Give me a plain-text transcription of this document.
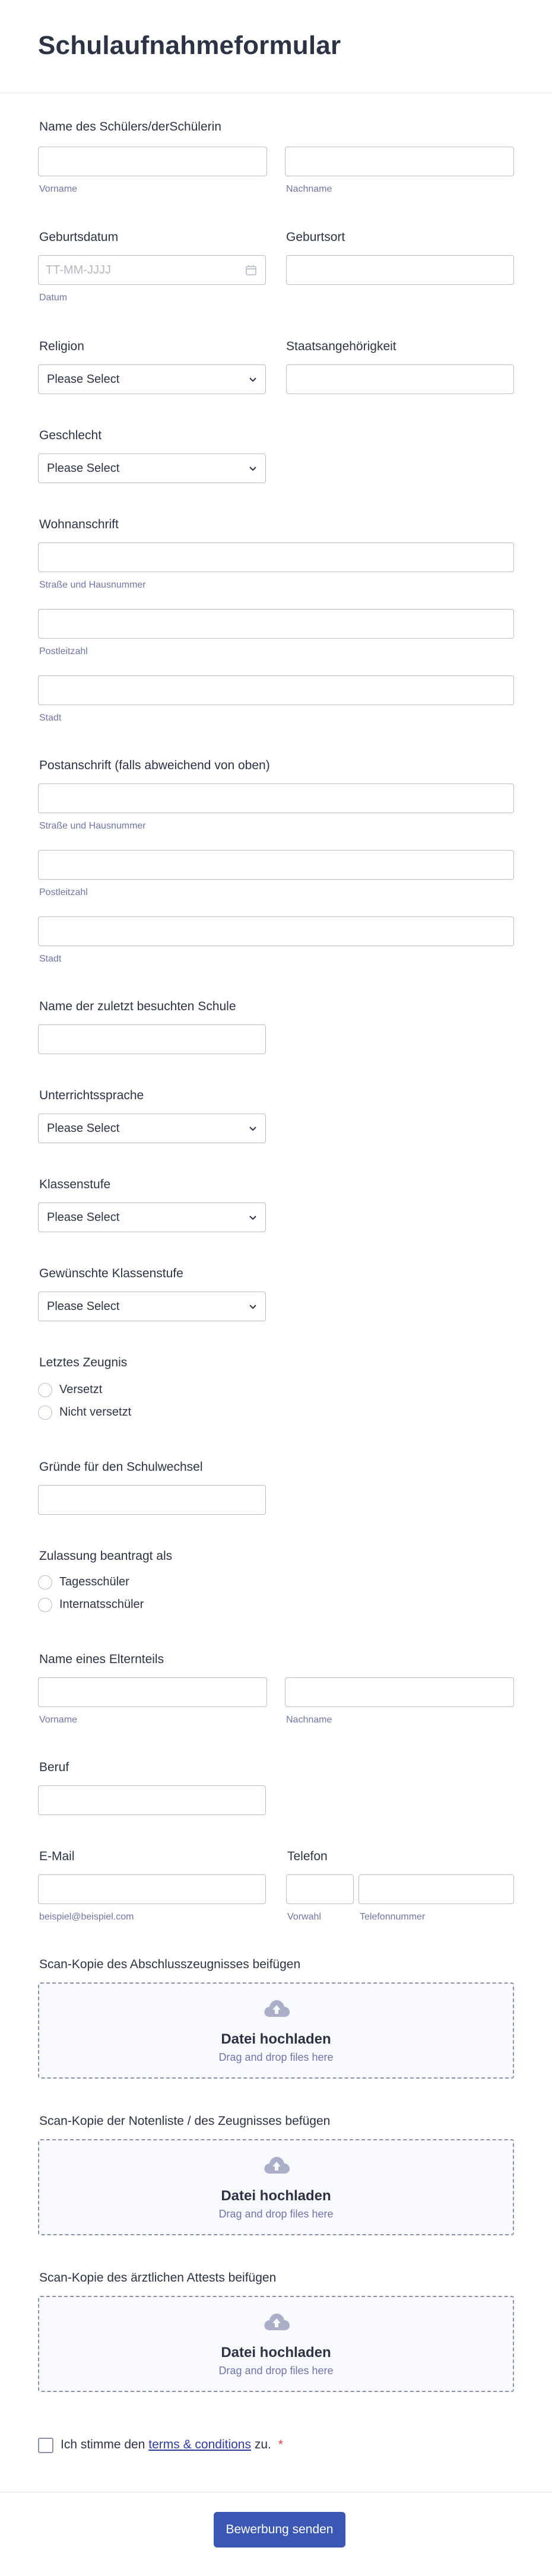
Schulaufnahmeformular
Name des Schülers/derSchülerin
Vorname	Nachname
Geburtsdatum	Geburtsort
TT-MM-JJJJ
Datum
Religion	Staatsangehörigkeit
Please Select
Geschlecht
Please Select
Wohnanschrift
Straße und Hausnummer
Postleitzahl
Stadt
Postanschrift (falls abweichend von oben)
Straße und Hausnummer
Postleitzahl
Stadt
Name der zuletzt besuchten Schule
Unterrichtssprache
Please Select
Klassenstufe
Please Select
Gewünschte Klassenstufe
Please Select
Letztes Zeugnis
Versetzt
Nicht versetzt
Gründe für den Schulwechsel
Zulassung beantragt als
Tagesschüler
Internatsschüler
Name eines Elternteils
Vorname	Nachname
Beruf
E-Mail	Telefon
beispiel@beispiel.com	Vorwahl	Telefonnummer
Scan-Kopie des Abschlusszeugnisses beifügen
Datei hochladen
Drag and drop files here
Scan-Kopie der Notenliste / des Zeugnisses befügen
Datei hochladen
Drag and drop files here
Scan-Kopie des ärztlichen Attests beifügen
Datei hochladen
Drag and drop files here
Ich stimme den terms & conditions zu. *
Bewerbung senden
